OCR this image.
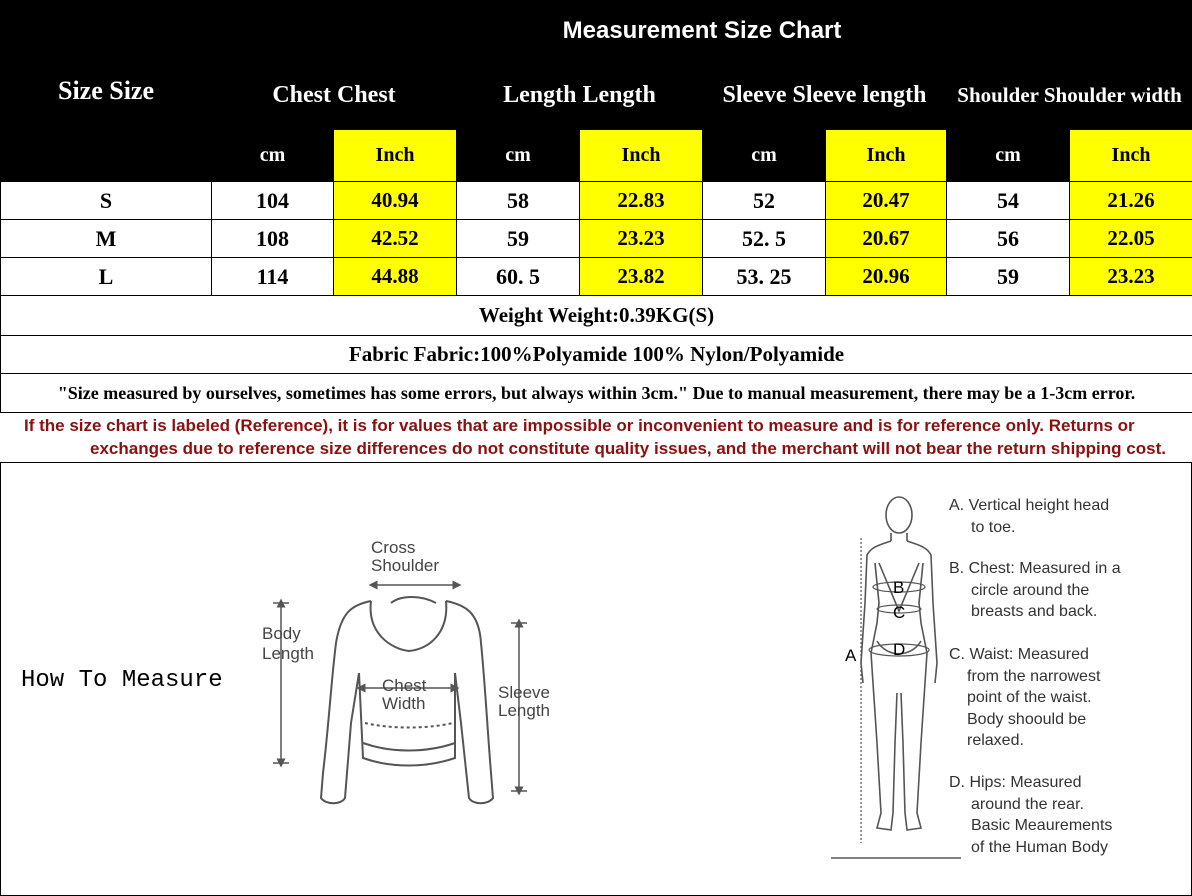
Size Size	Measurement Size Chart							
	Chest Chest		Length Length		Sleeve Sleeve length		Shoulder Shoulder width	
	cm	Inch	cm	Inch	cm	Inch	cm	Inch
S	104	40.94	58	22.83	52	20.47	54	21.26
M	108	42.52	59	23.23	52. 5	20.67	56	22.05
L	114	44.88	60. 5	23.82	53. 25	20.96	59	23.23
Weight Weight:0.39KG(S)								
Fabric Fabric:100%Polyamide 100% Nylon/Polyamide								
"Size measured by ourselves, sometimes has some errors, but always within 3cm." Due to manual measurement, there may be a 1-3cm error.								
If the size chart is labeled (Reference), it is for values that are impossible or inconvenient to measure and is for reference only. Returns or
exchanges due to reference size differences do not constitute quality issues, and the merchant will not bear the return shipping cost.
How To Measure
Cross
Shoulder
Body
Length
Chest
Width
Sleeve
Length
A
B
C
D
A. Vertical height head
to toe.
B. Chest: Measured in a
circle around the
breasts and back.
C. Waist: Measured
from the narrowest
point of the waist.
Body shoould be
relaxed.
D. Hips: Measured
around the rear.
Basic Meaurements
of the Human Body
